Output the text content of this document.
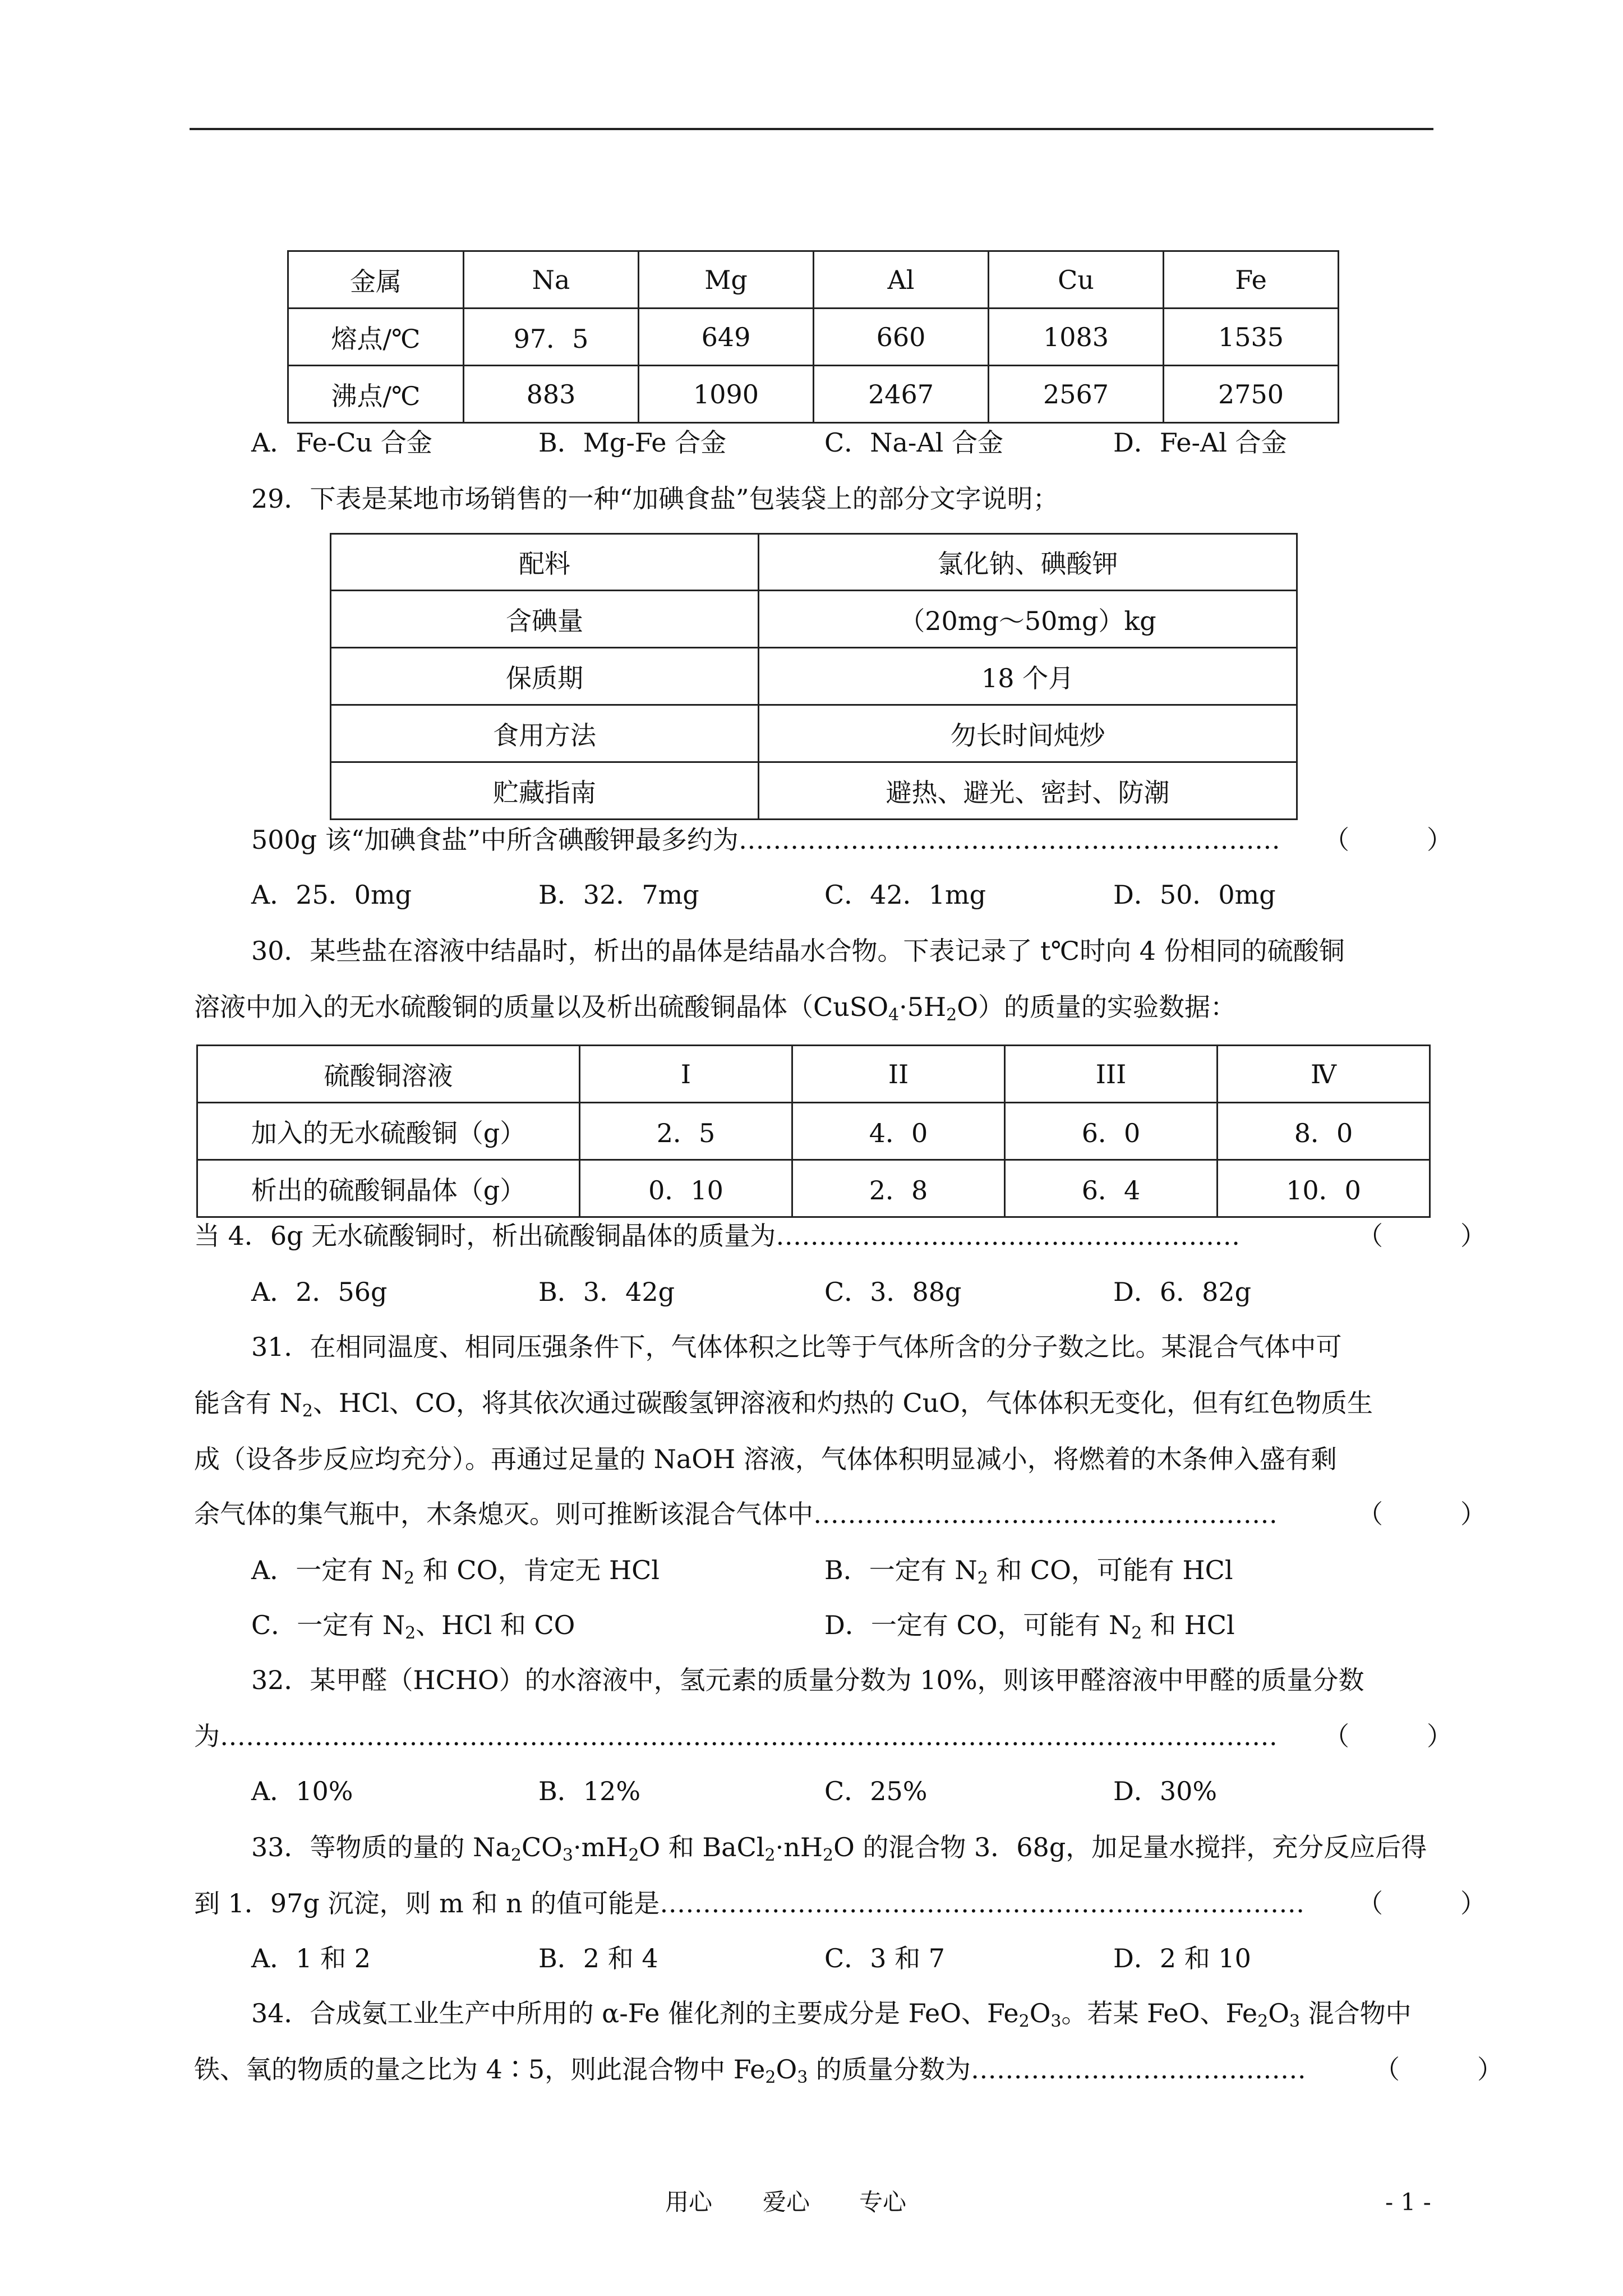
金属	Na	Mg	Al	Cu	Fe
熔点/℃	97．5	649	660	1083	1535
沸点/℃	883	1090	2467	2567	2750
A．Fe-Cu 合金	B．Mg-Fe 合金	C．Na-Al 合金	D．Fe-Al 合金
29．下表是某地市场销售的一种“加碘食盐”包装袋上的部分文字说明；
配料	氯化钠、碘酸钾
含碘量	（20mg～50mg）kg
保质期	18 个月
食用方法	勿长时间炖炒
贮藏指南	避热、避光、密封、防潮
500g 该“加碘食盐”中所含碘酸钾最多约为……………………………………………………… （　　　）
A．25．0mg	B．32．7mg	C．42．1mg	D．50．0mg
30．某些盐在溶液中结晶时，析出的晶体是结晶水合物。下表记录了 t℃时向 4 份相同的硫酸铜
溶液中加入的无水硫酸铜的质量以及析出硫酸铜晶体$(CuSO_4\cdot 5H_2O)$的质量的实验数据：
硫酸铜溶液	I	II	III	Ⅳ
加入的无水硫酸铜（g）	2．5	4．0	6．0	8．0
析出的硫酸铜晶体（g）	0．10	2．8	6．4	10．0
当 4．6g 无水硫酸铜时，析出硫酸铜晶体的质量为………………………………………………	（　　　）
A．2．56g	B．3．42g	C．3．88g	D．6．82g
31．在相同温度、相同压强条件下，气体体积之比等于气体所含的分子数之比。某混合气体中可
能含有 $N_2$、HCl、CO，将其依次通过碳酸氢钾溶液和灼热的 CuO，气体体积无变化，但有红色物质生
成（设各步反应均充分）。再通过足量的 NaOH 溶液，气体体积明显减小，将燃着的木条伸入盛有剩
余气体的集气瓶中，木条熄灭。则可推断该混合气体中………………………………………………	（　　　）
A．一定有 $N_2$ 和 CO，肯定无 HCl	B．一定有 $N_2$ 和 CO，可能有 HCl
C．一定有 $N_2$、HCl 和 CO	D．一定有 CO，可能有 $N_2$ 和 HCl
32．某甲醛（HCHO）的水溶液中，氢元素的质量分数为 10%，则该甲醛溶液中甲醛的质量分数
为…………………………………………………………………………………………………………… （　　　）
A．10%	B．12%	C．25%	D．30%
33．等物质的量的 $Na_2CO_3\cdot mH_2O$ 和 $BaCl_2\cdot nH_2O$ 的混合物 3．68g，加足量水搅拌，充分反应后得
到 1．97g 沉淀，则 m 和 n 的值可能是………………………………………………………………… （　　　）
A．1 和 2	B．2 和 4	C．3 和 7	D．2 和 10
34．合成氨工业生产中所用的 α-Fe 催化剂的主要成分是 FeO、$Fe_2O_3$。若某 FeO、$Fe_2O_3$ 混合物中
铁、氧的物质的量之比为 4∶5，则此混合物中 $Fe_2O_3$ 的质量分数为…………………………………	（　　　）
用心 爱心 专心	- 1 -
